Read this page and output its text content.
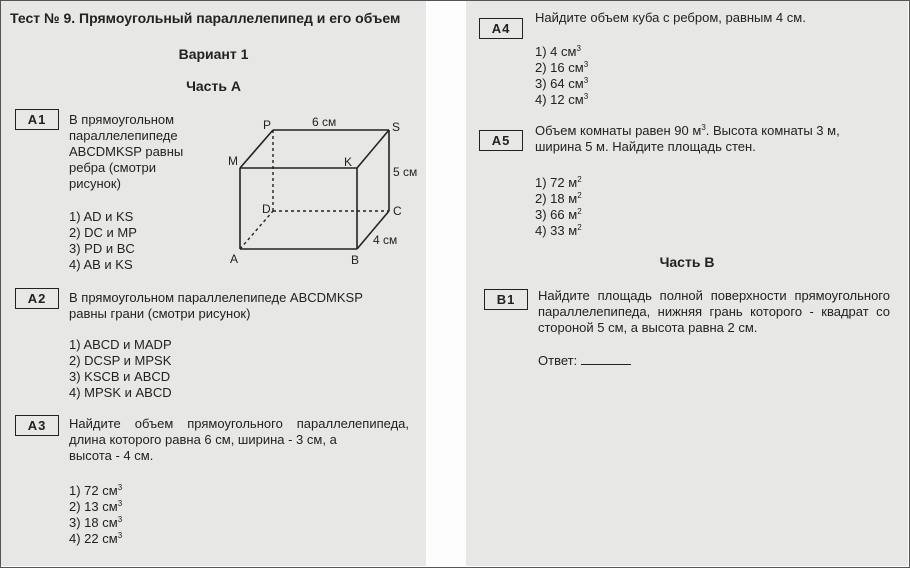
Тест № 9. Прямоугольный параллелепипед и его объем
Вариант 1
Часть А
А1	В прямоугольном
параллелепипеде
ABCDMKSP равны
ребра (смотри рисунок)
1) AD и KS
2) DC и MP
3) PD и BC
4) AB и KS
P	S
M	K
D	C
A	B
6 см
5 см
4 см
А2	В прямоугольном параллелепипеде ABCDMKSP
равны грани (смотри рисунок)
1) ABCD и MADP
2) DCSP и MPSK
3) KSCB и ABCD
4) MPSK и ABCD
А3	Найдите объем прямоугольного параллелепипеда, длина которого равна 6 см, ширина - 3 см, а
высота - 4 см.
1) 72 $см^3$
2) 13 $см^3$
3) 18 $см^3$
4) 22 $см^3$
А4
Найдите объем куба с ребром, равным 4 см.
1) 4 $см^3$
2) 16 $см^3$
3) 64 $см^3$
4) 12 $см^3$
А5
Объем комнаты равен 90 $м^3$. Высота комнаты 3 м,
ширина 5 м. Найдите площадь стен.
1) 72 $м^2$
2) 18 $м^2$
3) 66 $м^2$
4) 33 $м^2$
Часть В
В1	Найдите площадь полной поверхности прямоугольного параллелепипеда, нижняя грань которого - квадрат со стороной 5 см, а высота равна 2 см.
Ответ:
